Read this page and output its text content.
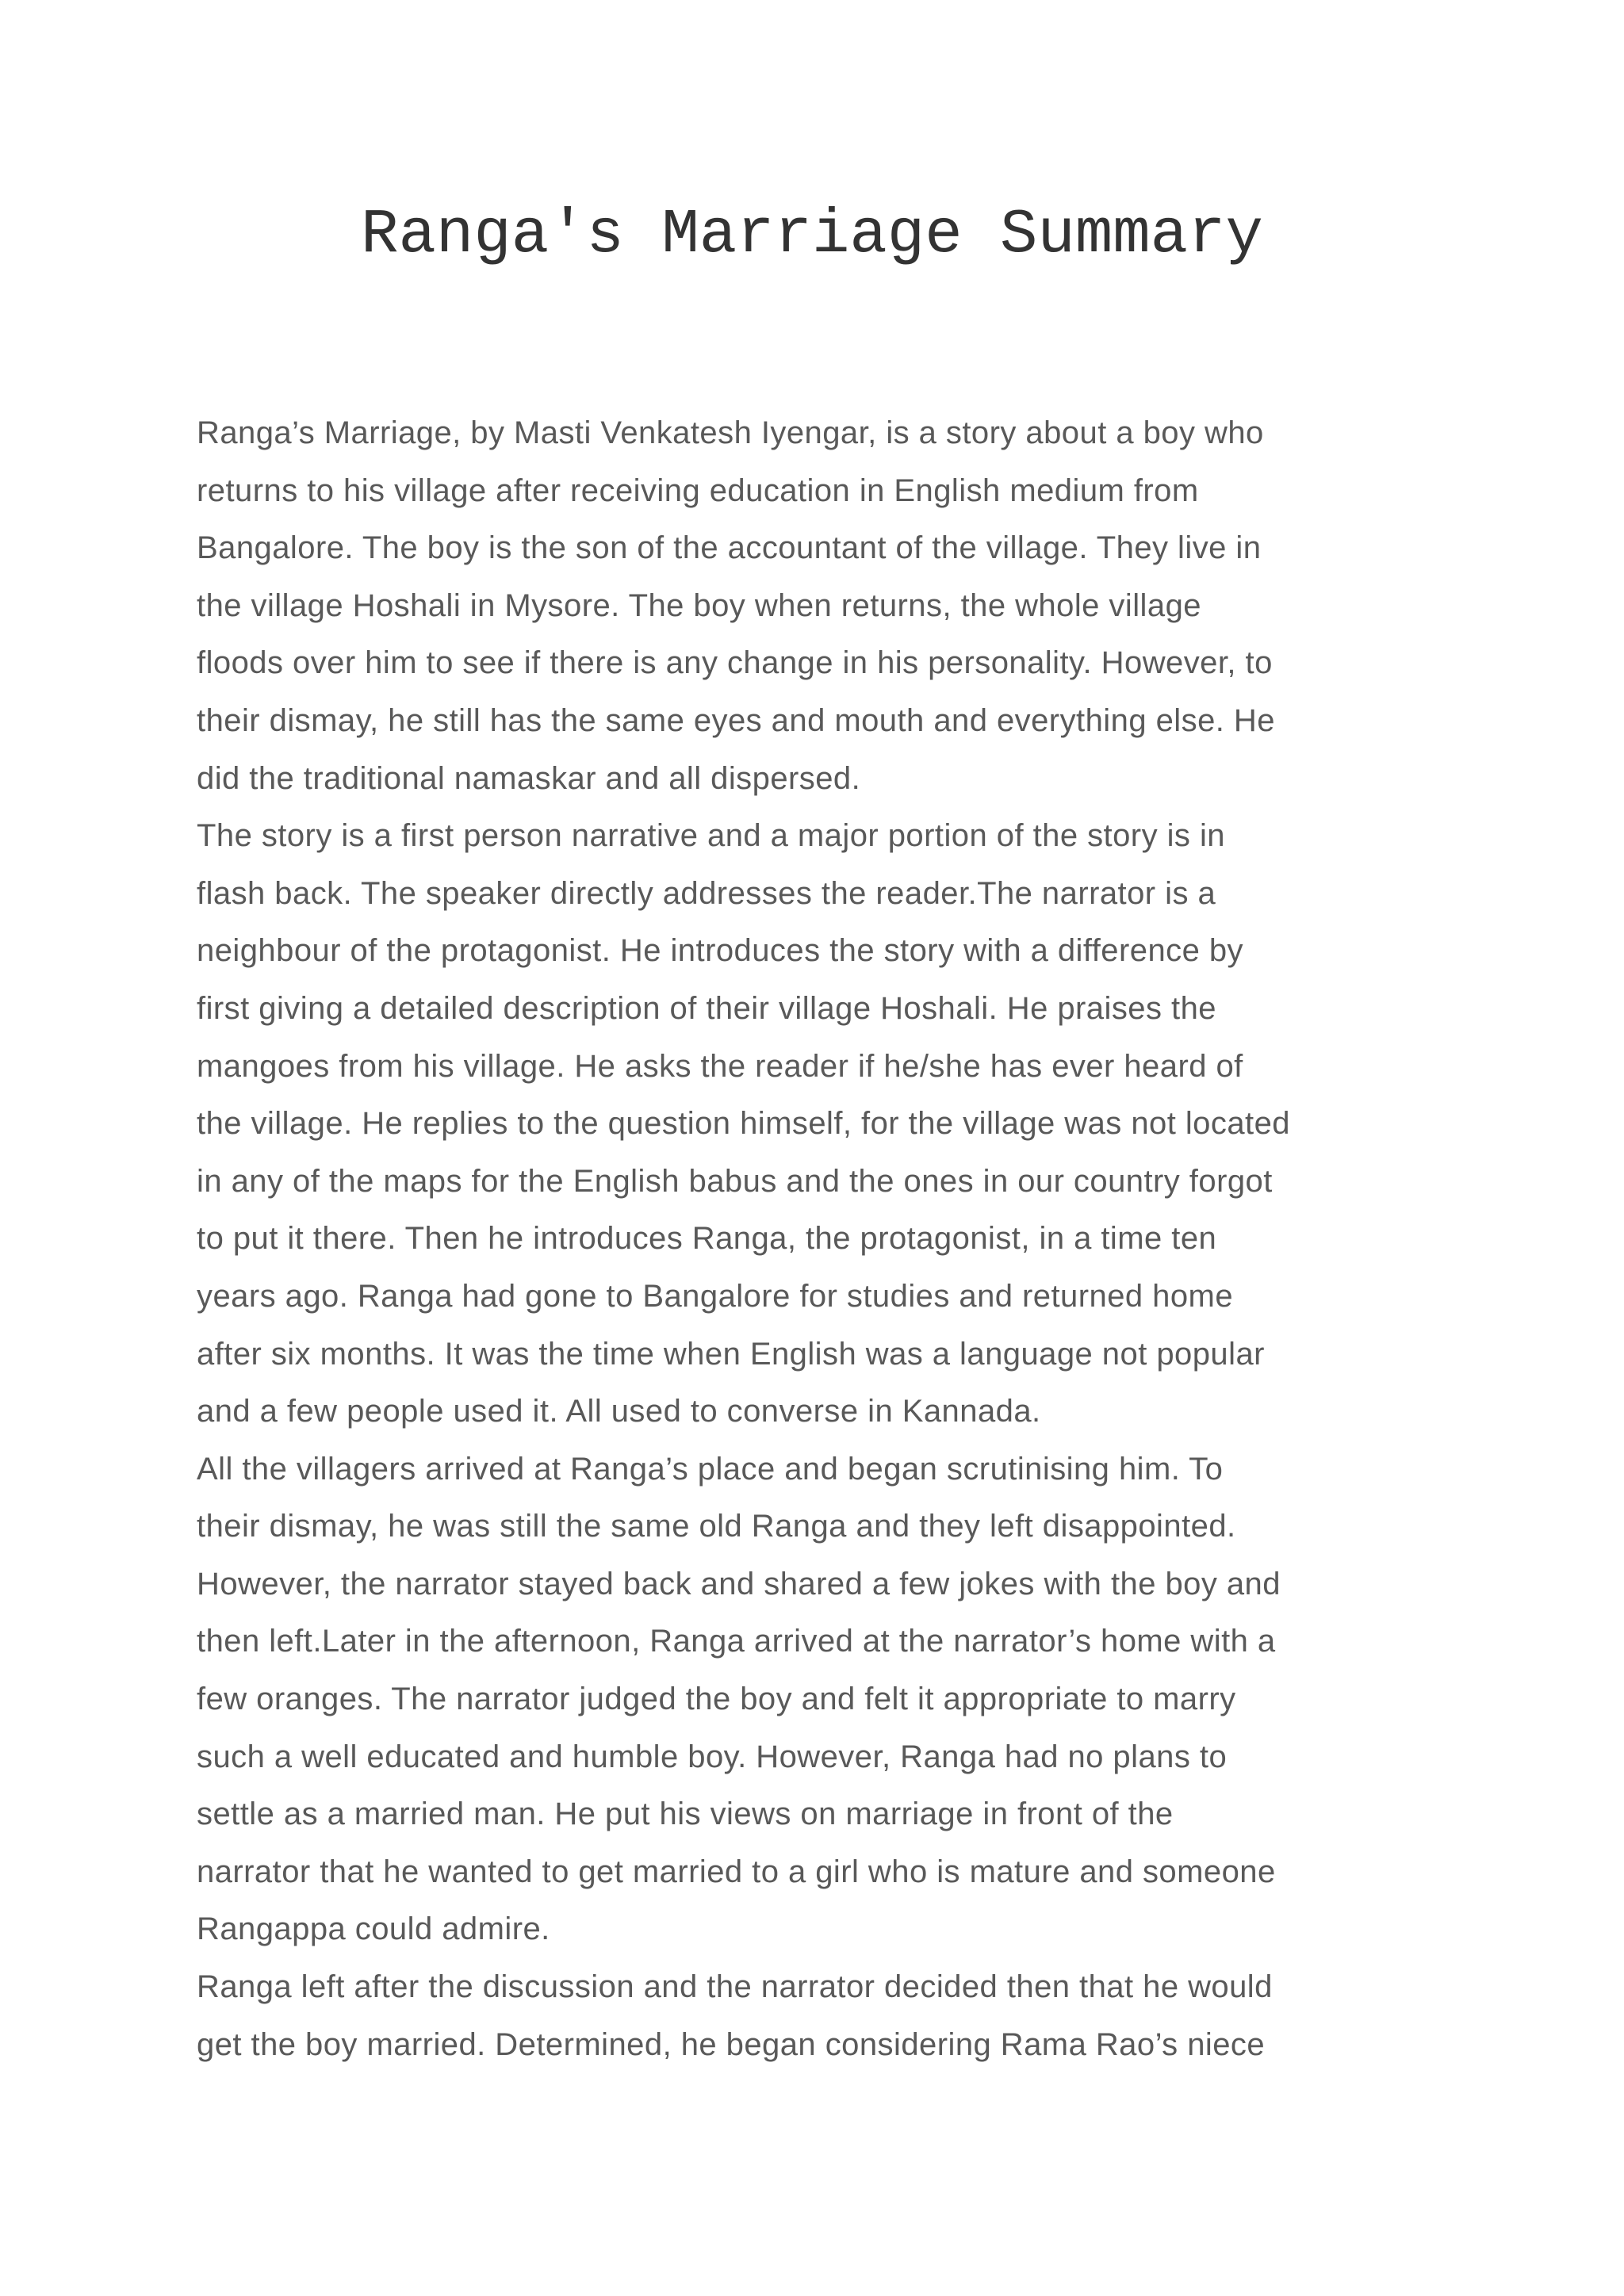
Ranga's Marriage Summary
Ranga’s Marriage, by Masti Venkatesh Iyengar, is a story about a boy who
returns to his village after receiving education in English medium from
Bangalore. The boy is the son of the accountant of the village. They live in
the village Hoshali in Mysore. The boy when returns, the whole village
floods over him to see if there is any change in his personality. However, to
their dismay, he still has the same eyes and mouth and everything else. He
did the traditional namaskar and all dispersed.
The story is a first person narrative and a major portion of the story is in
flash back. The speaker directly addresses the reader.The narrator is a
neighbour of the protagonist. He introduces the story with a difference by
first giving a detailed description of their village Hoshali. He praises the
mangoes from his village. He asks the reader if he/she has ever heard of
the village. He replies to the question himself, for the village was not located
in any of the maps for the English babus and the ones in our country forgot
to put it there. Then he introduces Ranga, the protagonist, in a time ten
years ago. Ranga had gone to Bangalore for studies and returned home
after six months. It was the time when English was a language not popular
and a few people used it. All used to converse in Kannada.
All the villagers arrived at Ranga’s place and began scrutinising him. To
their dismay, he was still the same old Ranga and they left disappointed.
However, the narrator stayed back and shared a few jokes with the boy and
then left.Later in the afternoon, Ranga arrived at the narrator’s home with a
few oranges. The narrator judged the boy and felt it appropriate to marry
such a well educated and humble boy. However, Ranga had no plans to
settle as a married man. He put his views on marriage in front of the
narrator that he wanted to get married to a girl who is mature and someone
Rangappa could admire.
Ranga left after the discussion and the narrator decided then that he would
get the boy married. Determined, he began considering Rama Rao’s niece
